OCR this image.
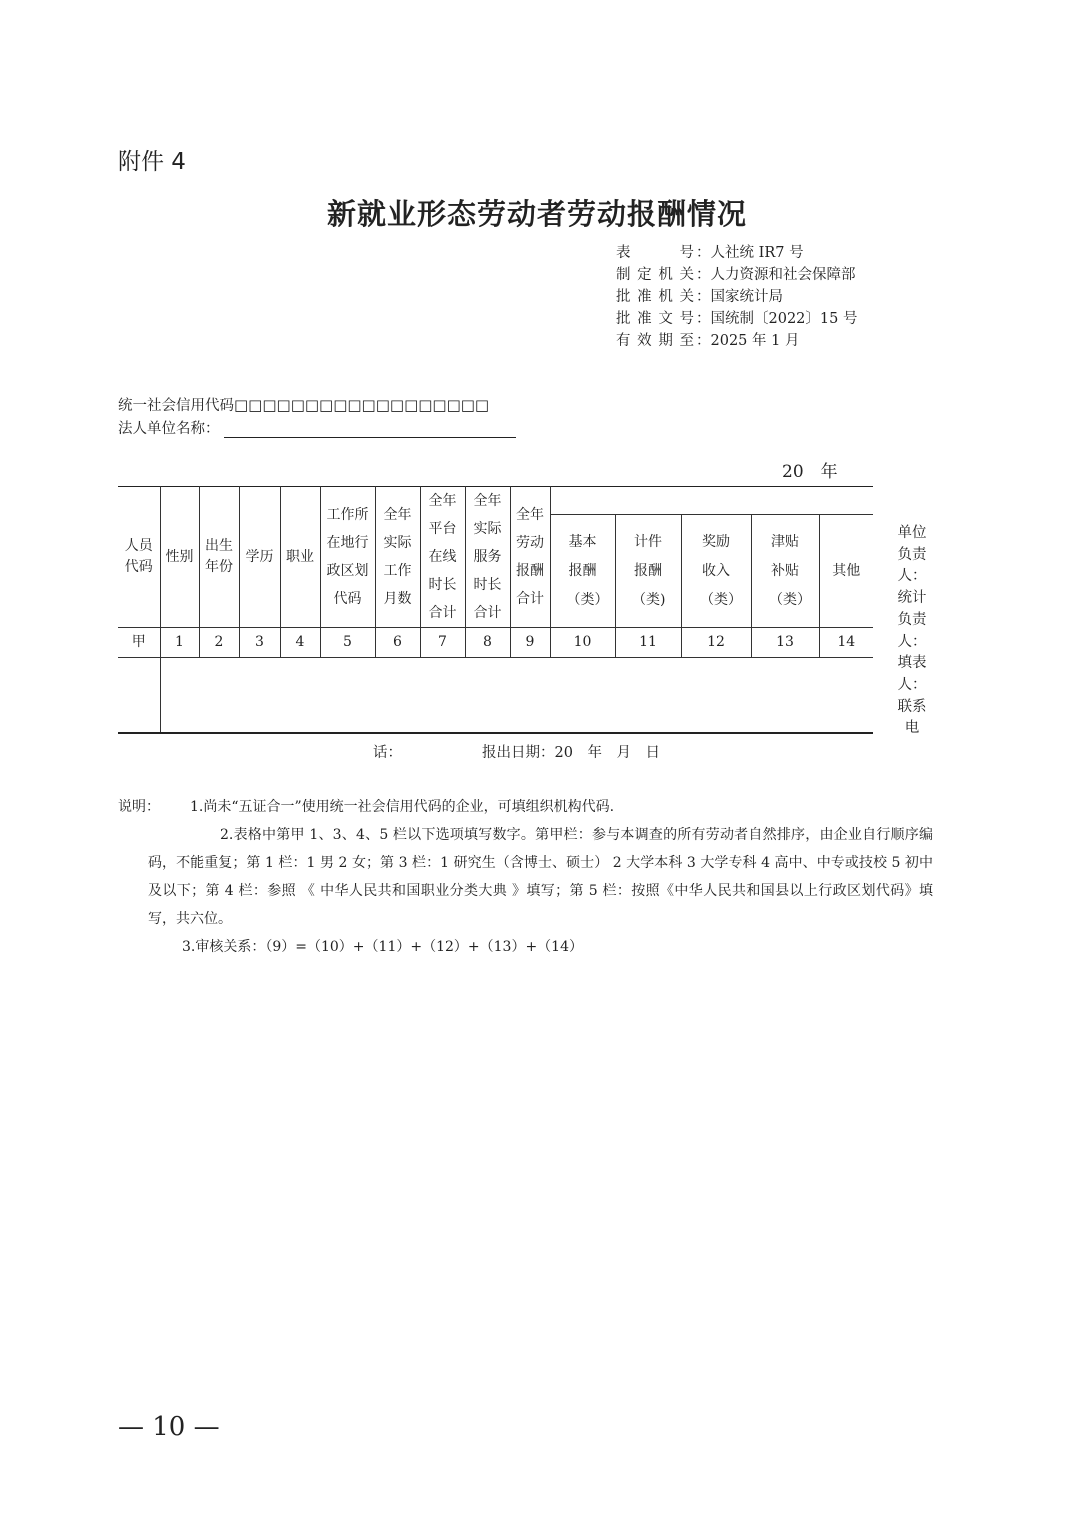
附件 4
新就业形态劳动者劳动报酬情况
表号 ：人社统 IR7 号
制定机关 ：人力资源和社会保障部
批准机关 ：国家统计局
批准文号 ：国统制〔2022〕15 号
有效期至 ：2025 年 1 月
统一社会信用代码□□□□□□□□□□□□□□□□□□
法人单位名称：
20　年
人员代码	性别	出生年份	学历	职业	工作所在地行政区划代码	全年实际工作月数	全年平台在线时长合计	全年实际服务时长合计	全年劳动报酬合计					

										基本报酬（类）	计件报酬（类)	奖励收入（类）	津贴补贴（类）	其他

甲	1	2	3	4	5	6	7	8	9	10	11	12	13	14

单位负责人：统计负责人：填表人：联系电
话：	报出日期：20　年　月　日

说明： 1.尚未“五证合一”使用统一社会信用代码的企业，可填组织机构代码.

2.表格中第甲 1、3、4、5 栏以下选项填写数字。第甲栏：参与本调查的所有劳动者自然排序，由企业自行顺序编码，不能重复；第 1 栏：1 男 2 女；第 3 栏：1 研究生（含博士、硕士） 2 大学本科 3 大学专科 4 高中、中专或技校 5 初中及以下；第 4 栏：参照 《 中华人民共和国职业分类大典 》填写；第 5 栏：按照《中华人民共和国县以上行政区划代码》填写，共六位。

3.审核关系：（9）=（10）+（11）+（12）+（13）+（14）

— 10 —
